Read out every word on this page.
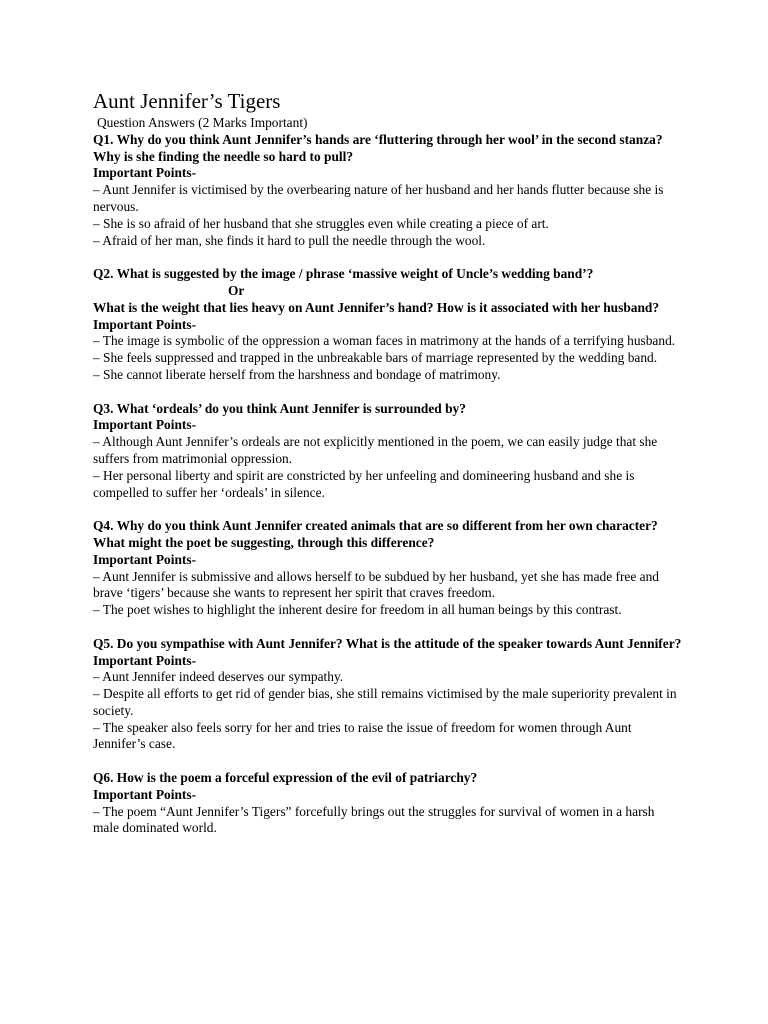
Aunt Jennifer’s Tigers

Question Answers (2 Marks Important)

Q1. Why do you think Aunt Jennifer’s hands are ‘fluttering through her wool’ in the second stanza? Why is she finding the needle so hard to pull?

Important Points-

– Aunt Jennifer is victimised by the overbearing nature of her husband and her hands flutter because she is nervous.

– She is so afraid of her husband that she struggles even while creating a piece of art.

– Afraid of her man, she finds it hard to pull the needle through the wool.

Q2. What is suggested by the image / phrase ‘massive weight of Uncle’s wedding band’?

Or

What is the weight that lies heavy on Aunt Jennifer’s hand? How is it associated with her husband?

Important Points-

– The image is symbolic of the oppression a woman faces in matrimony at the hands of a terrifying husband.

– She feels suppressed and trapped in the unbreakable bars of marriage represented by the wedding band.

– She cannot liberate herself from the harshness and bondage of matrimony.

Q3. What ‘ordeals’ do you think Aunt Jennifer is surrounded by?

Important Points-

– Although Aunt Jennifer’s ordeals are not explicitly mentioned in the poem, we can easily judge that she suffers from matrimonial oppression.

– Her personal liberty and spirit are constricted by her unfeeling and domineering husband and she is compelled to suffer her ‘ordeals’ in silence.

Q4. Why do you think Aunt Jennifer created animals that are so different from her own character? What might the poet be suggesting, through this difference?

Important Points-

– Aunt Jennifer is submissive and allows herself to be subdued by her husband, yet she has made free and brave ‘tigers’ because she wants to represent her spirit that craves freedom.

– The poet wishes to highlight the inherent desire for freedom in all human beings by this contrast.

Q5. Do you sympathise with Aunt Jennifer? What is the attitude of the speaker towards Aunt Jennifer?

Important Points-

– Aunt Jennifer indeed deserves our sympathy.

– Despite all efforts to get rid of gender bias, she still remains victimised by the male superiority prevalent in society.

– The speaker also feels sorry for her and tries to raise the issue of freedom for women through Aunt Jennifer’s case.

Q6. How is the poem a forceful expression of the evil of patriarchy?

Important Points-

– The poem “Aunt Jennifer’s Tigers” forcefully brings out the struggles for survival of women in a harsh male dominated world.
